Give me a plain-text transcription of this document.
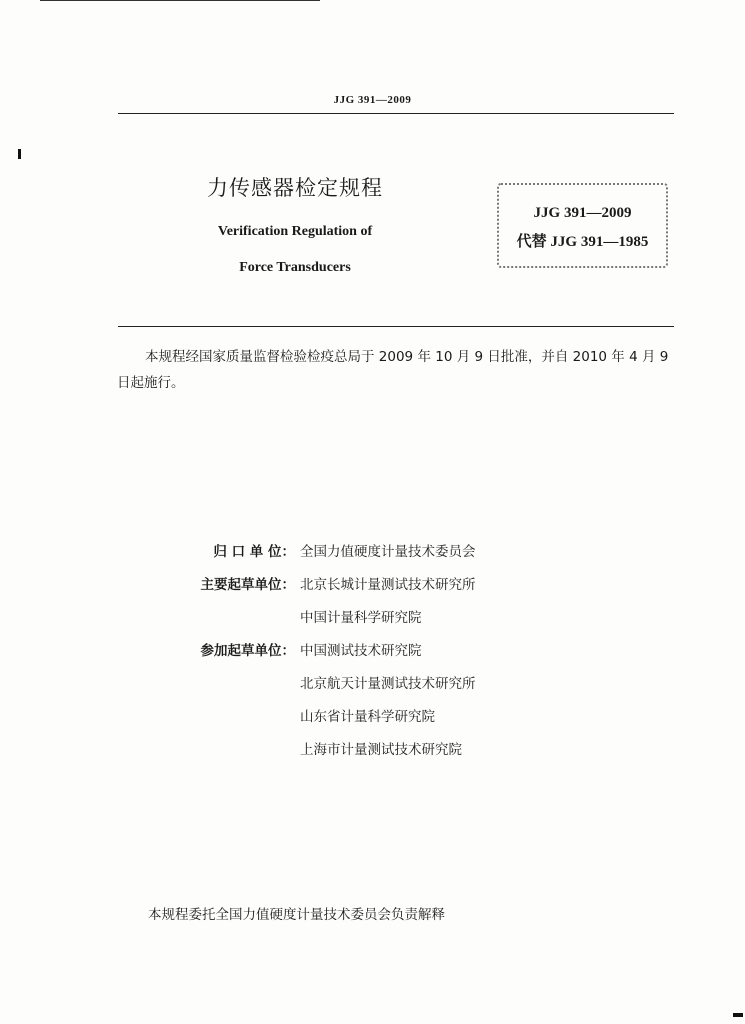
JJG 391—2009
力传感器检定规程
Verification Regulation of
Force Transducers
JJG 391—2009
代替 JJG 391—1985
本规程经国家质量监督检验检疫总局于 2009 年 10 月 9 日批准，并自 2010 年 4 月 9 日起施行。
归 口 单 位： 全国力值硬度计量技术委员会
主要起草单位： 北京长城计量测试技术研究所
中国计量科学研究院
参加起草单位： 中国测试技术研究院
北京航天计量测试技术研究所
山东省计量科学研究院
上海市计量测试技术研究院
本规程委托全国力值硬度计量技术委员会负责解释
